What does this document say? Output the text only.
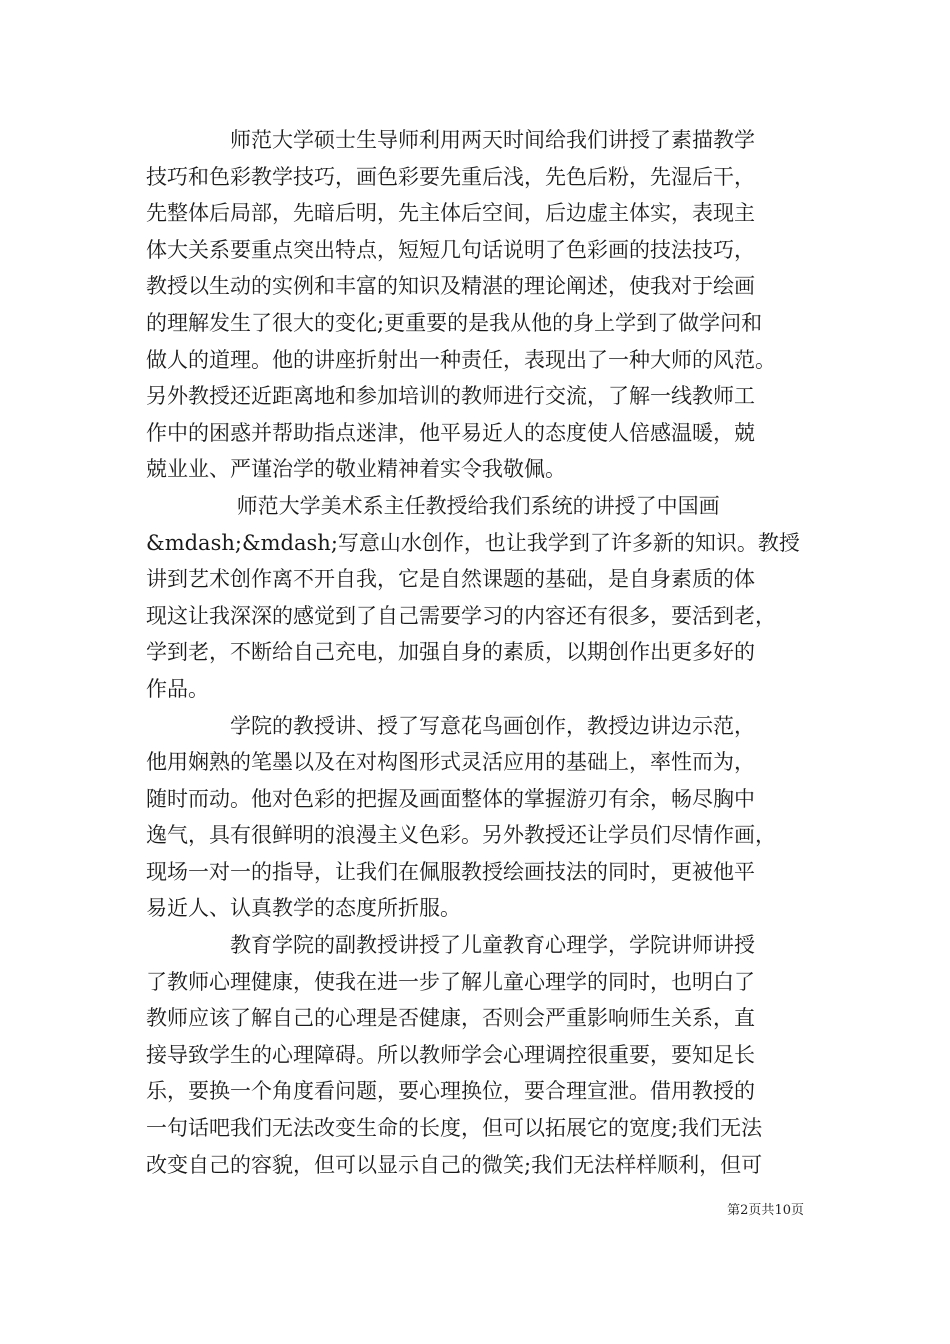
　　　　师范大学硕士生导师利用两天时间给我们讲授了素描教学
技巧和色彩教学技巧，画色彩要先重后浅，先色后粉，先湿后干，
先整体后局部，先暗后明，先主体后空间，后边虚主体实，表现主
体大关系要重点突出特点，短短几句话说明了色彩画的技法技巧，
教授以生动的实例和丰富的知识及精湛的理论阐述，使我对于绘画
的理解发生了很大的变化;更重要的是我从他的身上学到了做学问和
做人的道理。他的讲座折射出一种责任，表现出了一种大师的风范。
另外教授还近距离地和参加培训的教师进行交流，了解一线教师工
作中的困惑并帮助指点迷津，他平易近人的态度使人倍感温暖，兢
兢业业、严谨治学的敬业精神着实令我敬佩。
　　　　 师范大学美术系主任教授给我们系统的讲授了中国画
&mdash;&mdash;写意山水创作，也让我学到了许多新的知识。教授
讲到艺术创作离不开自我，它是自然课题的基础，是自身素质的体
现这让我深深的感觉到了自己需要学习的内容还有很多，要活到老，
学到老，不断给自己充电，加强自身的素质，以期创作出更多好的
作品。
　　　　学院的教授讲、授了写意花鸟画创作，教授边讲边示范，
他用娴熟的笔墨以及在对构图形式灵活应用的基础上，率性而为，
随时而动。他对色彩的把握及画面整体的掌握游刃有余，畅尽胸中
逸气，具有很鲜明的浪漫主义色彩。另外教授还让学员们尽情作画，
现场一对一的指导，让我们在佩服教授绘画技法的同时，更被他平
易近人、认真教学的态度所折服。
　　　　教育学院的副教授讲授了儿童教育心理学，学院讲师讲授
了教师心理健康，使我在进一步了解儿童心理学的同时，也明白了
教师应该了解自己的心理是否健康，否则会严重影响师生关系，直
接导致学生的心理障碍。所以教师学会心理调控很重要，要知足长
乐，要换一个角度看问题，要心理换位，要合理宣泄。借用教授的
一句话吧我们无法改变生命的长度，但可以拓展它的宽度;我们无法
改变自己的容貌，但可以显示自己的微笑;我们无法样样顺利，但可
第2页共10页
